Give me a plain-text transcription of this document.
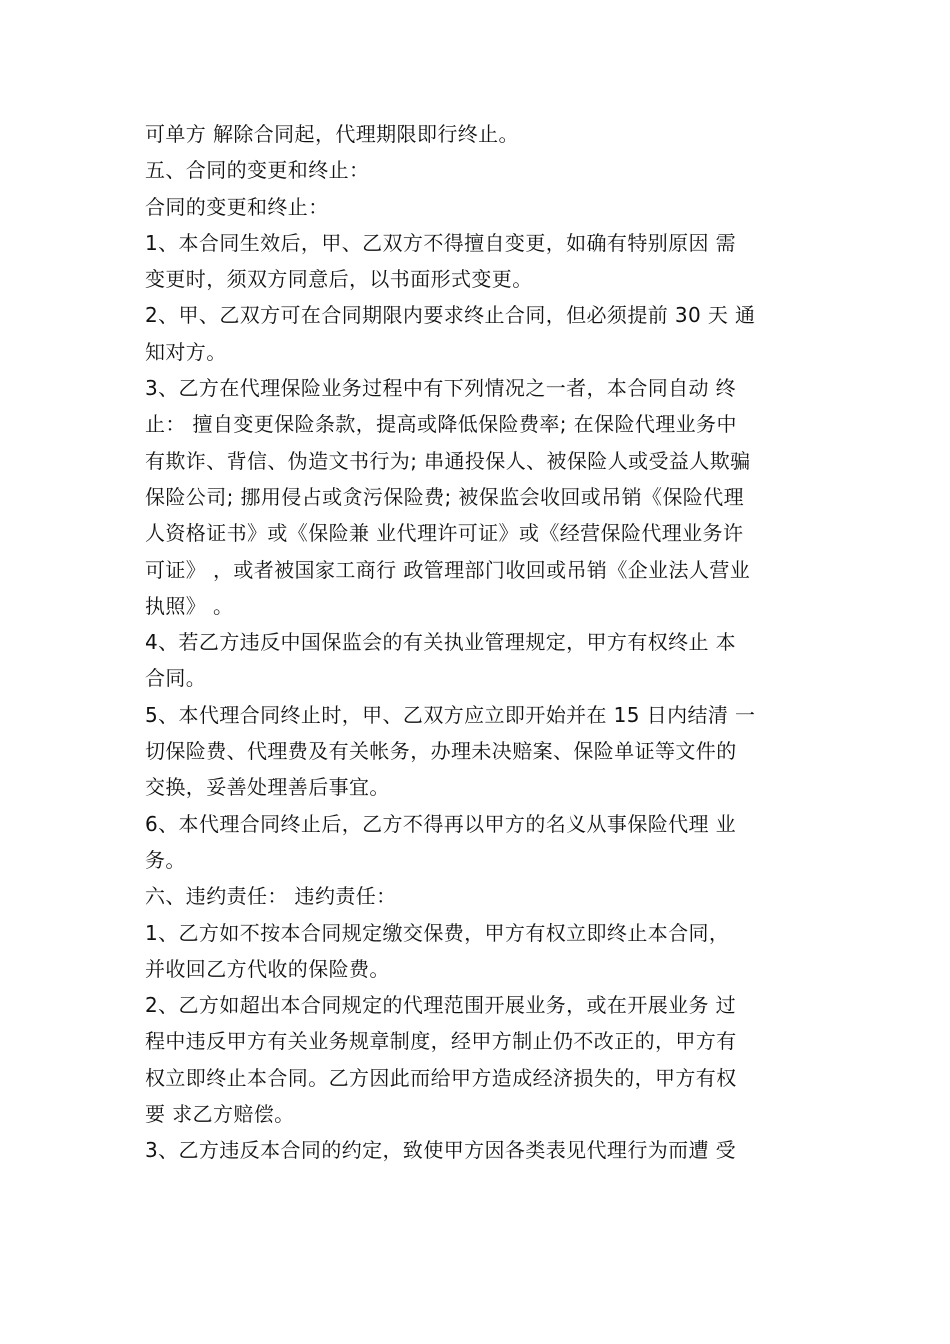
可单方 解除合同起，代理期限即行终止。
五、合同的变更和终止：
合同的变更和终止：
1、本合同生效后，甲、乙双方不得擅自变更，如确有特别原因 需
变更时，须双方同意后，以书面形式变更。
2、甲、乙双方可在合同期限内要求终止合同，但必须提前 30 天 通
知对方。
3、乙方在代理保险业务过程中有下列情况之一者，本合同自动 终
止： 擅自变更保险条款，提高或降低保险费率; 在保险代理业务中
有欺诈、背信、伪造文书行为; 串通投保人、被保险人或受益人欺骗
保险公司; 挪用侵占或贪污保险费; 被保监会收回或吊销《保险代理
人资格证书》或《保险兼 业代理许可证》或《经营保险代理业务许
可证》 ，或者被国家工商行 政管理部门收回或吊销《企业法人营业
执照》 。
4、若乙方违反中国保监会的有关执业管理规定，甲方有权终止 本
合同。
5、本代理合同终止时，甲、乙双方应立即开始并在 15 日内结清 一
切保险费、代理费及有关帐务，办理未决赔案、保险单证等文件的
交换，妥善处理善后事宜。
6、本代理合同终止后，乙方不得再以甲方的名义从事保险代理 业
务。
六、违约责任： 违约责任：
1、乙方如不按本合同规定缴交保费，甲方有权立即终止本合同，
并收回乙方代收的保险费。
2、乙方如超出本合同规定的代理范围开展业务，或在开展业务 过
程中违反甲方有关业务规章制度，经甲方制止仍不改正的，甲方有
权立即终止本合同。乙方因此而给甲方造成经济损失的，甲方有权
要 求乙方赔偿。
3、乙方违反本合同的约定，致使甲方因各类表见代理行为而遭 受
